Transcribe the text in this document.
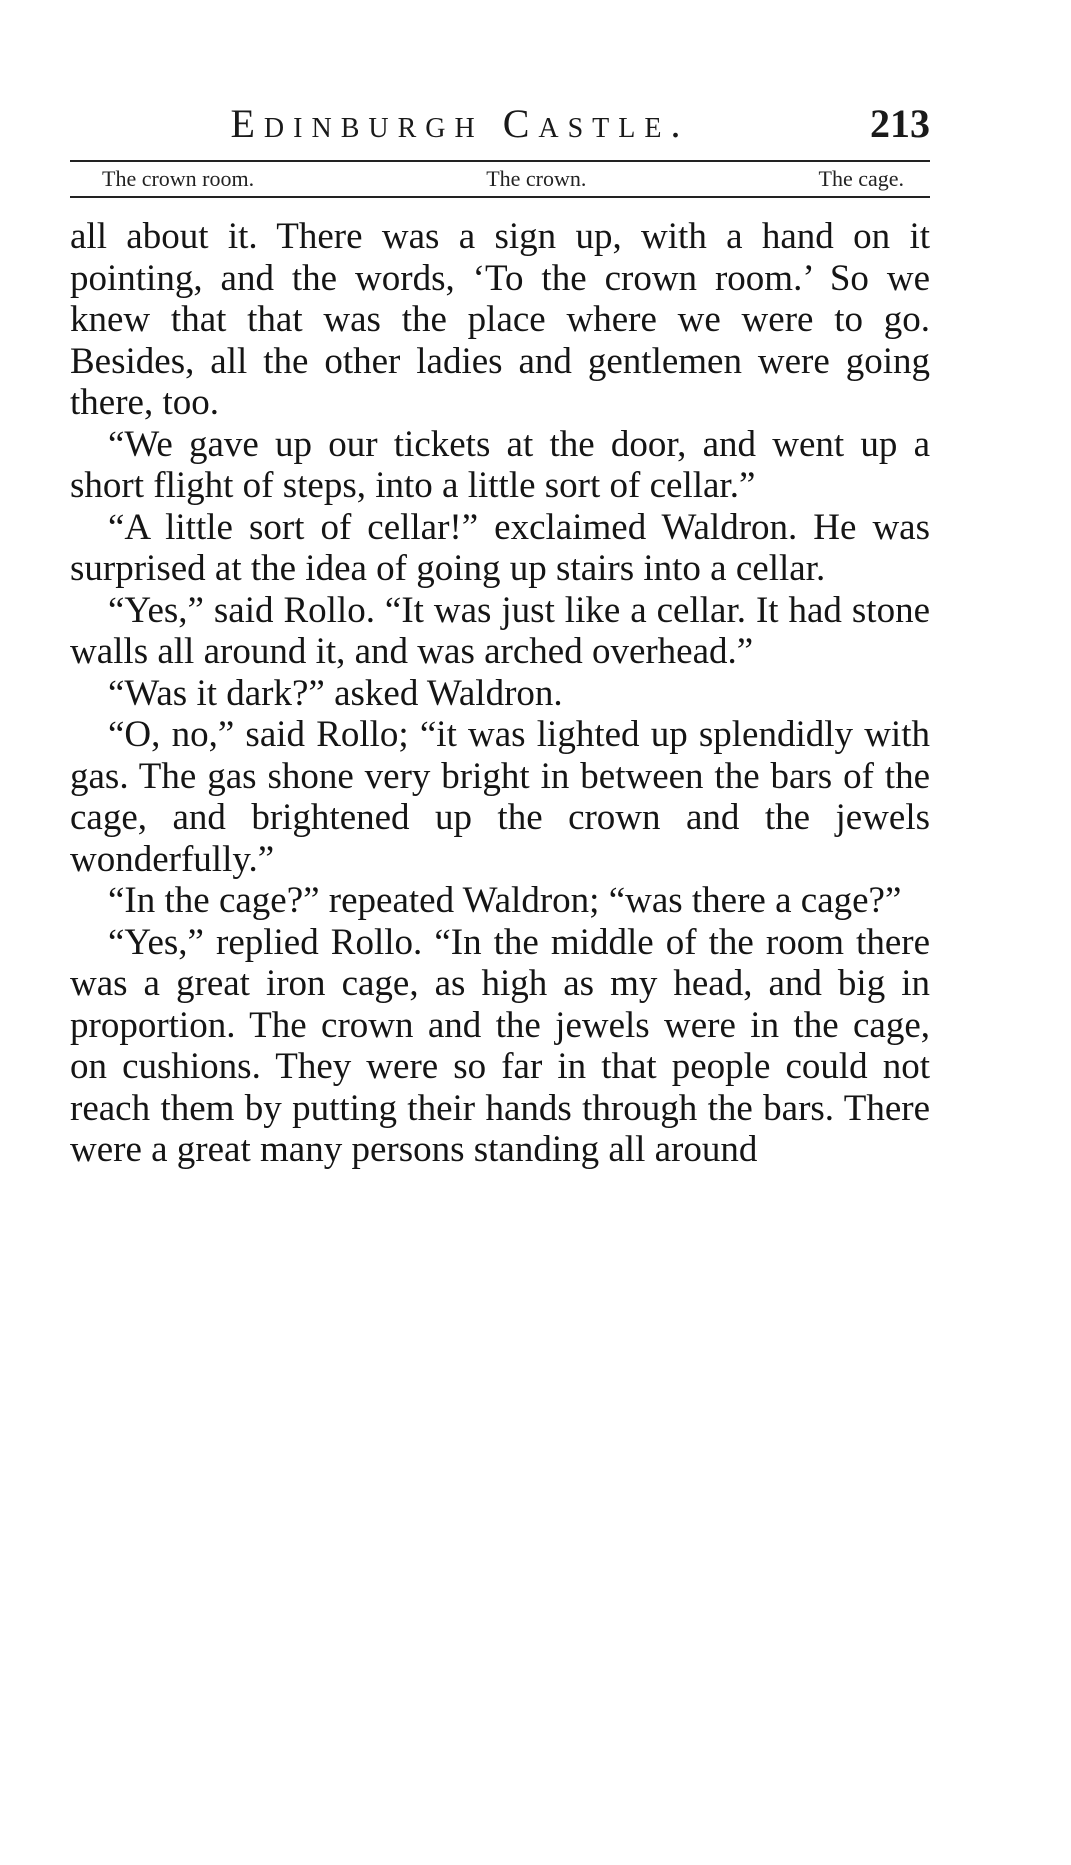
Edinburgh Castle.	213
The crown room.	The crown.	The cage.

all about it. There was a sign up, with a hand on it pointing, and the words, ‘To the crown room.’ So we knew that that was the place where we were to go. Besides, all the other ladies and gentlemen were going there, too.

“We gave up our tickets at the door, and went up a short flight of steps, into a little sort of cellar.”

“A little sort of cellar!” exclaimed Waldron. He was surprised at the idea of going up stairs into a cellar.

“Yes,” said Rollo. “It was just like a cellar. It had stone walls all around it, and was arched overhead.”

“Was it dark?” asked Waldron.

“O, no,” said Rollo; “it was lighted up splendidly with gas. The gas shone very bright in between the bars of the cage, and brightened up the crown and the jewels wonderfully.”

“In the cage?” repeated Waldron; “was there a cage?”

“Yes,” replied Rollo. “In the middle of the room there was a great iron cage, as high as my head, and big in proportion. The crown and the jewels were in the cage, on cushions. They were so far in that people could not reach them by putting their hands through the bars. There were a great many persons standing all around
